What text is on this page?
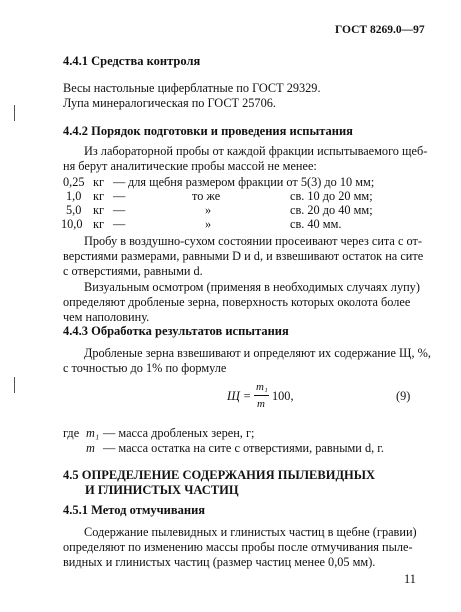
ГОСТ 8269.0—97
4.4.1 Средства контроля
Весы настольные циферблатные по ГОСТ 29329.
Лупа минералогическая по ГОСТ 25706.
4.4.2 Порядок подготовки и проведения испытания
Из лабораторной пробы от каждой фракции испытываемого щеб-
ня берут аналитические пробы массой не менее:
0,25 кг — для щебня размером фракции от 5(3) до 10 мм;
1,0 кг —	то же	св. 10 до 20 мм;
5,0 кг —	»	св. 20 до 40 мм;
10,0 кг —	»	св. 40 мм.
Пробу в воздушно-сухом состоянии просеивают через сита с от-
верстиями размерами, равными D и d, и взвешивают остаток на сите
с отверстиями, равными d.
Визуальным осмотром (применяя в необходимых случаях лупу)
определяют дробленые зерна, поверхность которых околота более
чем наполовину.
4.4.3 Обработка результатов испытания
Дробленые зерна взвешивают и определяют их содержание Щ, %,
с точностью до 1% по формуле
Щ =
m₁
m
100,	(9)
где m₁ — масса дробленых зерен, г;
m — масса остатка на сите с отверстиями, равными d, г.
4.5 ОПРЕДЕЛЕНИЕ СОДЕРЖАНИЯ ПЫЛЕВИДНЫХ
И ГЛИНИСТЫХ ЧАСТИЦ
4.5.1 Метод отмучивания
Содержание пылевидных и глинистых частиц в щебне (гравии)
определяют по изменению массы пробы после отмучивания пыле-
видных и глинистых частиц (размер частиц менее 0,05 мм).
11
